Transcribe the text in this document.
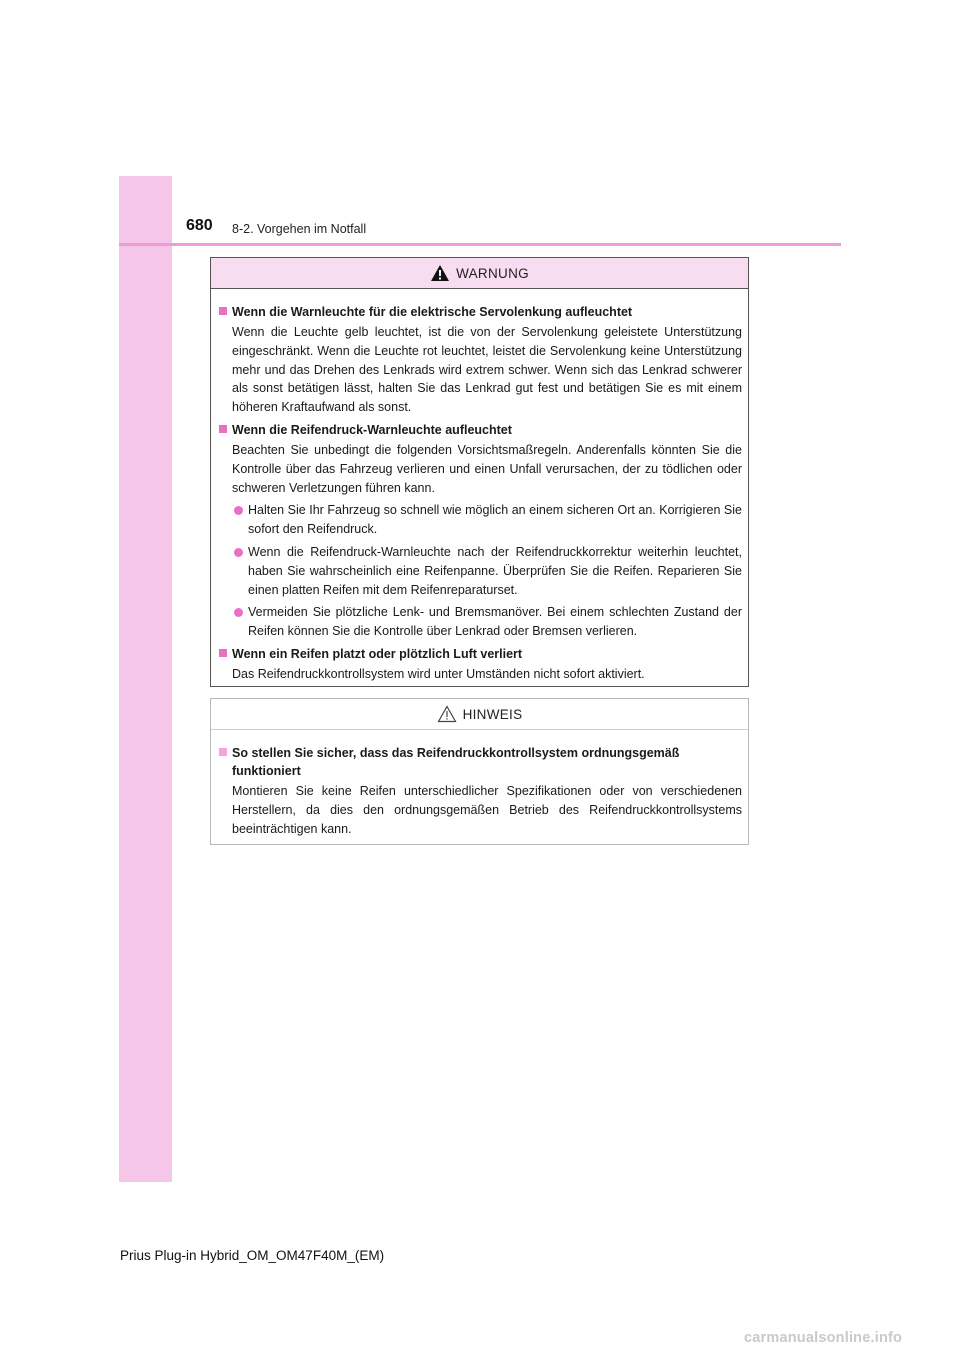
680 8-2. Vorgehen im Notfall
WARNUNG
Wenn die Warnleuchte für die elektrische Servolenkung aufleuchtet
Wenn die Leuchte gelb leuchtet, ist die von der Servolenkung geleistete Unterstützung eingeschränkt. Wenn die Leuchte rot leuchtet, leistet die Servolenkung keine Unterstützung mehr und das Drehen des Lenkrads wird extrem schwer. Wenn sich das Lenkrad schwerer als sonst betätigen lässt, halten Sie das Lenkrad gut fest und betätigen Sie es mit einem höheren Kraftaufwand als sonst.
Wenn die Reifendruck-Warnleuchte aufleuchtet
Beachten Sie unbedingt die folgenden Vorsichtsmaßregeln. Anderenfalls könnten Sie die Kontrolle über das Fahrzeug verlieren und einen Unfall verursachen, der zu tödlichen oder schweren Verletzungen führen kann.
Halten Sie Ihr Fahrzeug so schnell wie möglich an einem sicheren Ort an. Korrigieren Sie sofort den Reifendruck.
Wenn die Reifendruck-Warnleuchte nach der Reifendruckkorrektur weiterhin leuchtet, haben Sie wahrscheinlich eine Reifenpanne. Überprüfen Sie die Reifen. Reparieren Sie einen platten Reifen mit dem Reifenreparaturset.
Vermeiden Sie plötzliche Lenk- und Bremsmanöver. Bei einem schlechten Zustand der Reifen können Sie die Kontrolle über Lenkrad oder Bremsen verlieren.
Wenn ein Reifen platzt oder plötzlich Luft verliert
Das Reifendruckkontrollsystem wird unter Umständen nicht sofort aktiviert.
HINWEIS
So stellen Sie sicher, dass das Reifendruckkontrollsystem ordnungsgemäß funktioniert
Montieren Sie keine Reifen unterschiedlicher Spezifikationen oder von verschiedenen Herstellern, da dies den ordnungsgemäßen Betrieb des Reifendruckkontrollsystems beeinträchtigen kann.
Prius Plug-in Hybrid_OM_OM47F40M_(EM)
carmanualsonline.info
